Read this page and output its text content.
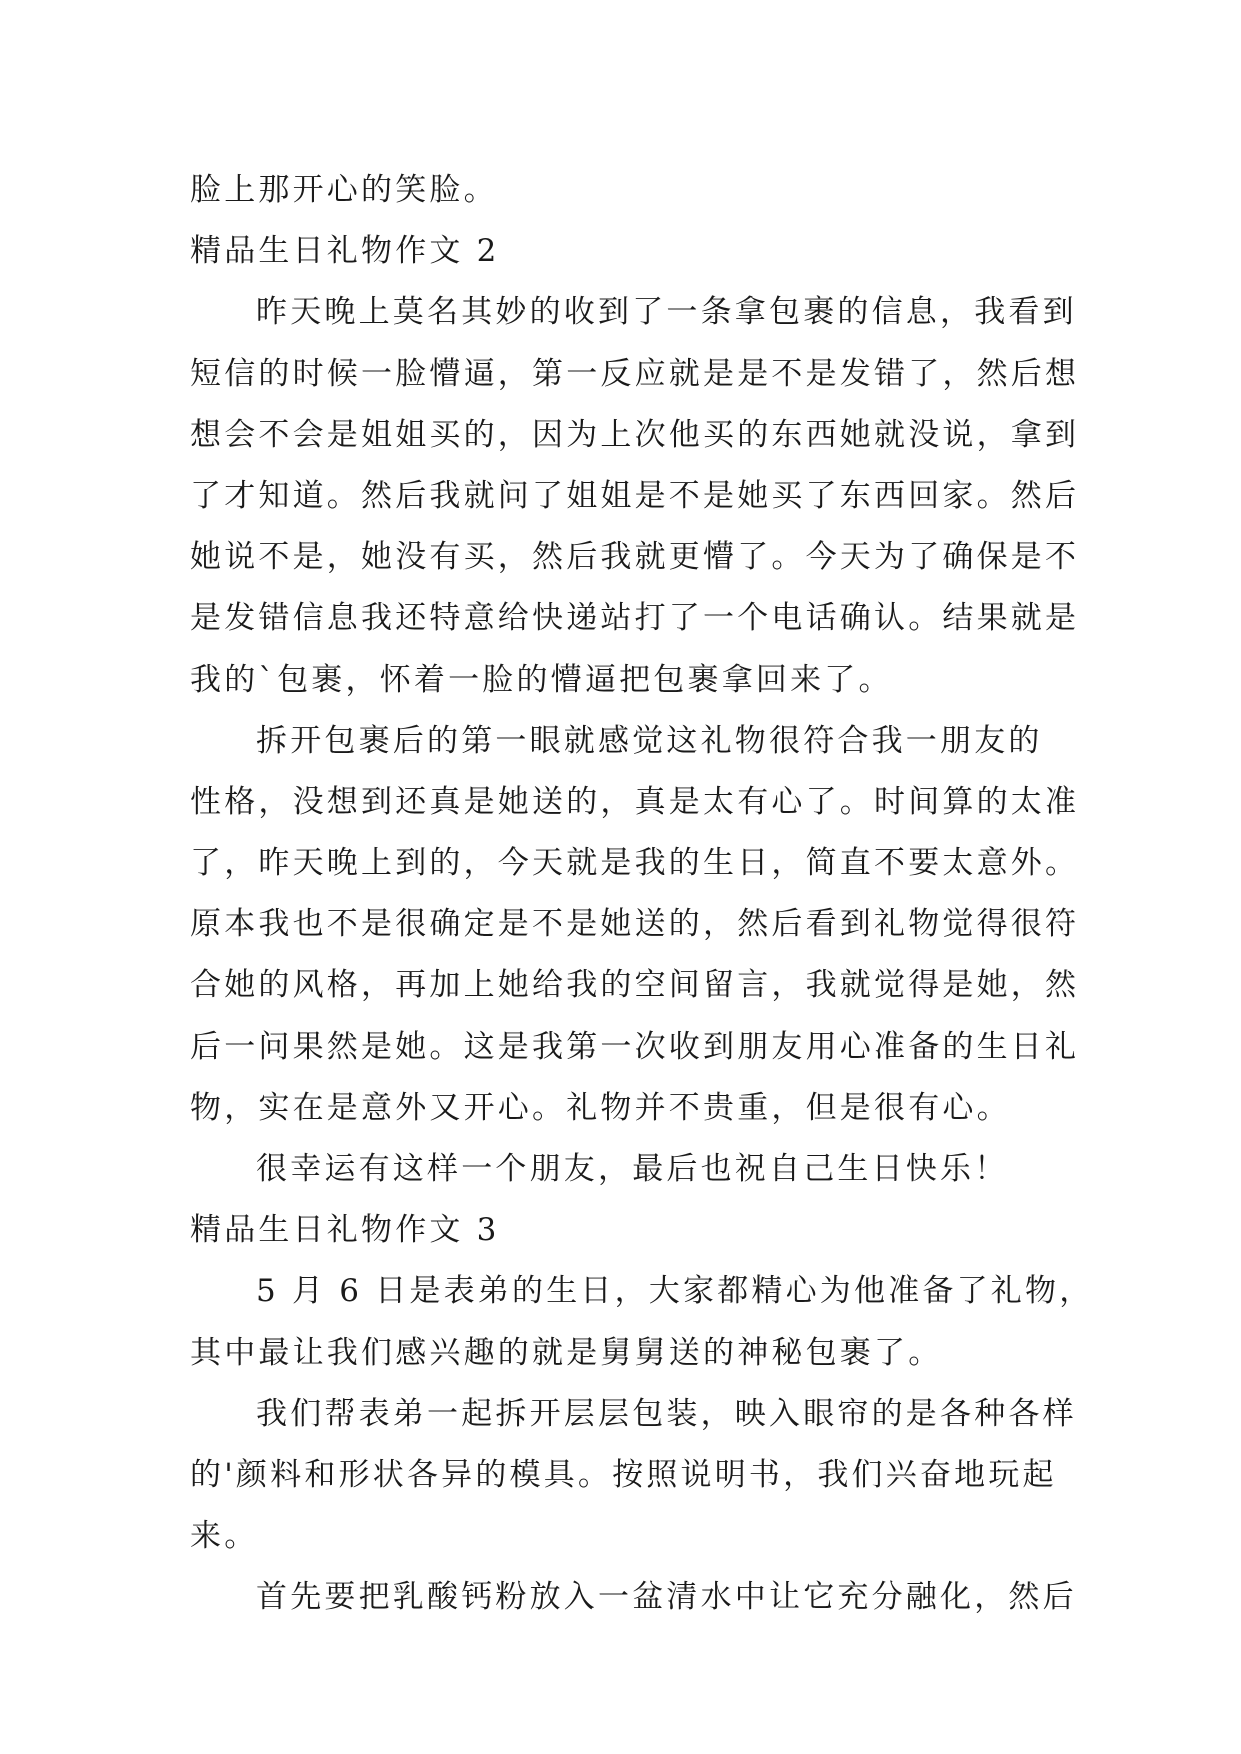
脸上那开心的笑脸。
精品生日礼物作文 2
昨天晚上莫名其妙的收到了一条拿包裹的信息，我看到
短信的时候一脸懵逼，第一反应就是是不是发错了，然后想
想会不会是姐姐买的，因为上次他买的东西她就没说，拿到
了才知道。然后我就问了姐姐是不是她买了东西回家。然后
她说不是，她没有买，然后我就更懵了。今天为了确保是不
是发错信息我还特意给快递站打了一个电话确认。结果就是
我的`包裹，怀着一脸的懵逼把包裹拿回来了。
拆开包裹后的第一眼就感觉这礼物很符合我一朋友的
性格，没想到还真是她送的，真是太有心了。时间算的太准
了，昨天晚上到的，今天就是我的生日，简直不要太意外。
原本我也不是很确定是不是她送的，然后看到礼物觉得很符
合她的风格，再加上她给我的空间留言，我就觉得是她，然
后一问果然是她。这是我第一次收到朋友用心准备的生日礼
物，实在是意外又开心。礼物并不贵重，但是很有心。
很幸运有这样一个朋友，最后也祝自己生日快乐！
精品生日礼物作文 3
5 月 6 日是表弟的生日，大家都精心为他准备了礼物，
其中最让我们感兴趣的就是舅舅送的神秘包裹了。
我们帮表弟一起拆开层层包装，映入眼帘的是各种各样
的'颜料和形状各异的模具。按照说明书，我们兴奋地玩起
来。
首先要把乳酸钙粉放入一盆清水中让它充分融化，然后
